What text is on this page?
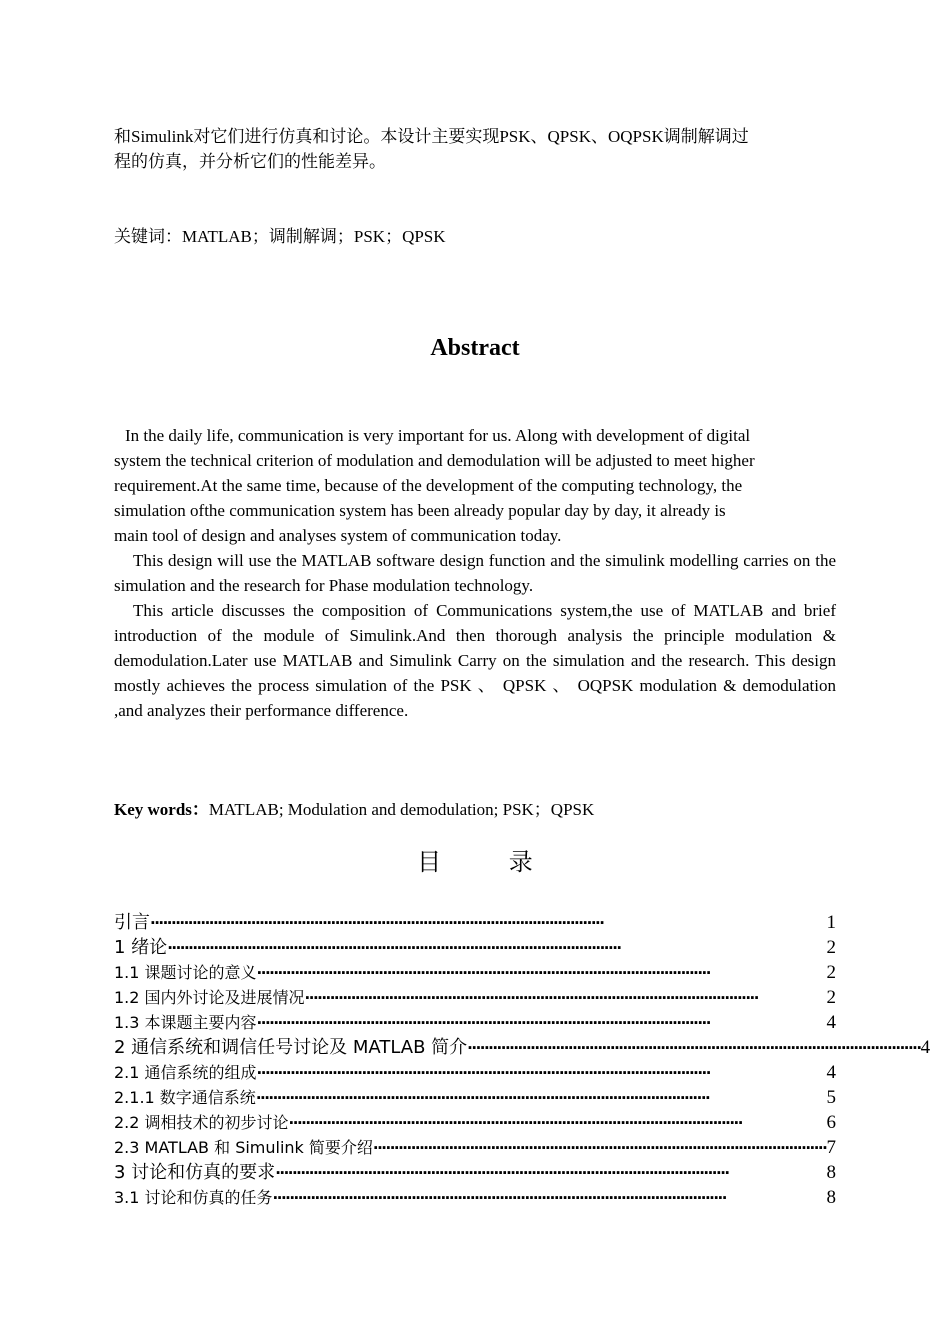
和Simulink对它们进行仿真和讨论。本设计主要实现PSK、QPSK、OQPSK调制解调过

程的仿真，并分析它们的性能差异。

关键词：MATLAB；调制解调；PSK；QPSK
Abstract

In the daily life, communication is very important for us. Along with development of digital

system the technical criterion of modulation and demodulation will be adjusted to meet higher

requirement.At the same time, because of the development of the computing technology, the

simulation ofthe communication system has been already popular day by day, it already is

main tool of design and analyses system of communication today.

This design will use the MATLAB software design function and the simulink modelling carries on the simulation and the research for Phase modulation technology.

This article discusses the composition of Communications system,the use of MATLAB and brief introduction of the module of Simulink.And then thorough analysis the principle modulation & demodulation.Later use MATLAB and Simulink Carry on the simulation and the research. This design mostly achieves the process simulation of the PSK 、 QPSK 、 OQPSK modulation & demodulation ,and analyzes their performance difference.

Key words：MATLAB; Modulation and demodulation; PSK；QPSK
目 录
引言 ············································································································	1
1 绪论 ············································································································	2
1.1 课题讨论的意义 ············································································································	2
1.2 国内外讨论及进展情况 ············································································································	2
1.3 本课题主要内容 ············································································································	4
2 通信系统和调信任号讨论及 MATLAB 简介 ············································································································ 4
2.1 通信系统的组成 ············································································································	4
2.1.1 数字通信系统 ············································································································	5
2.2 调相技术的初步讨论 ············································································································	6
2.3 MATLAB 和 Simulink 简要介绍 ············································································································ 7
3 讨论和仿真的要求 ············································································································	8
3.1 讨论和仿真的任务 ············································································································	8
